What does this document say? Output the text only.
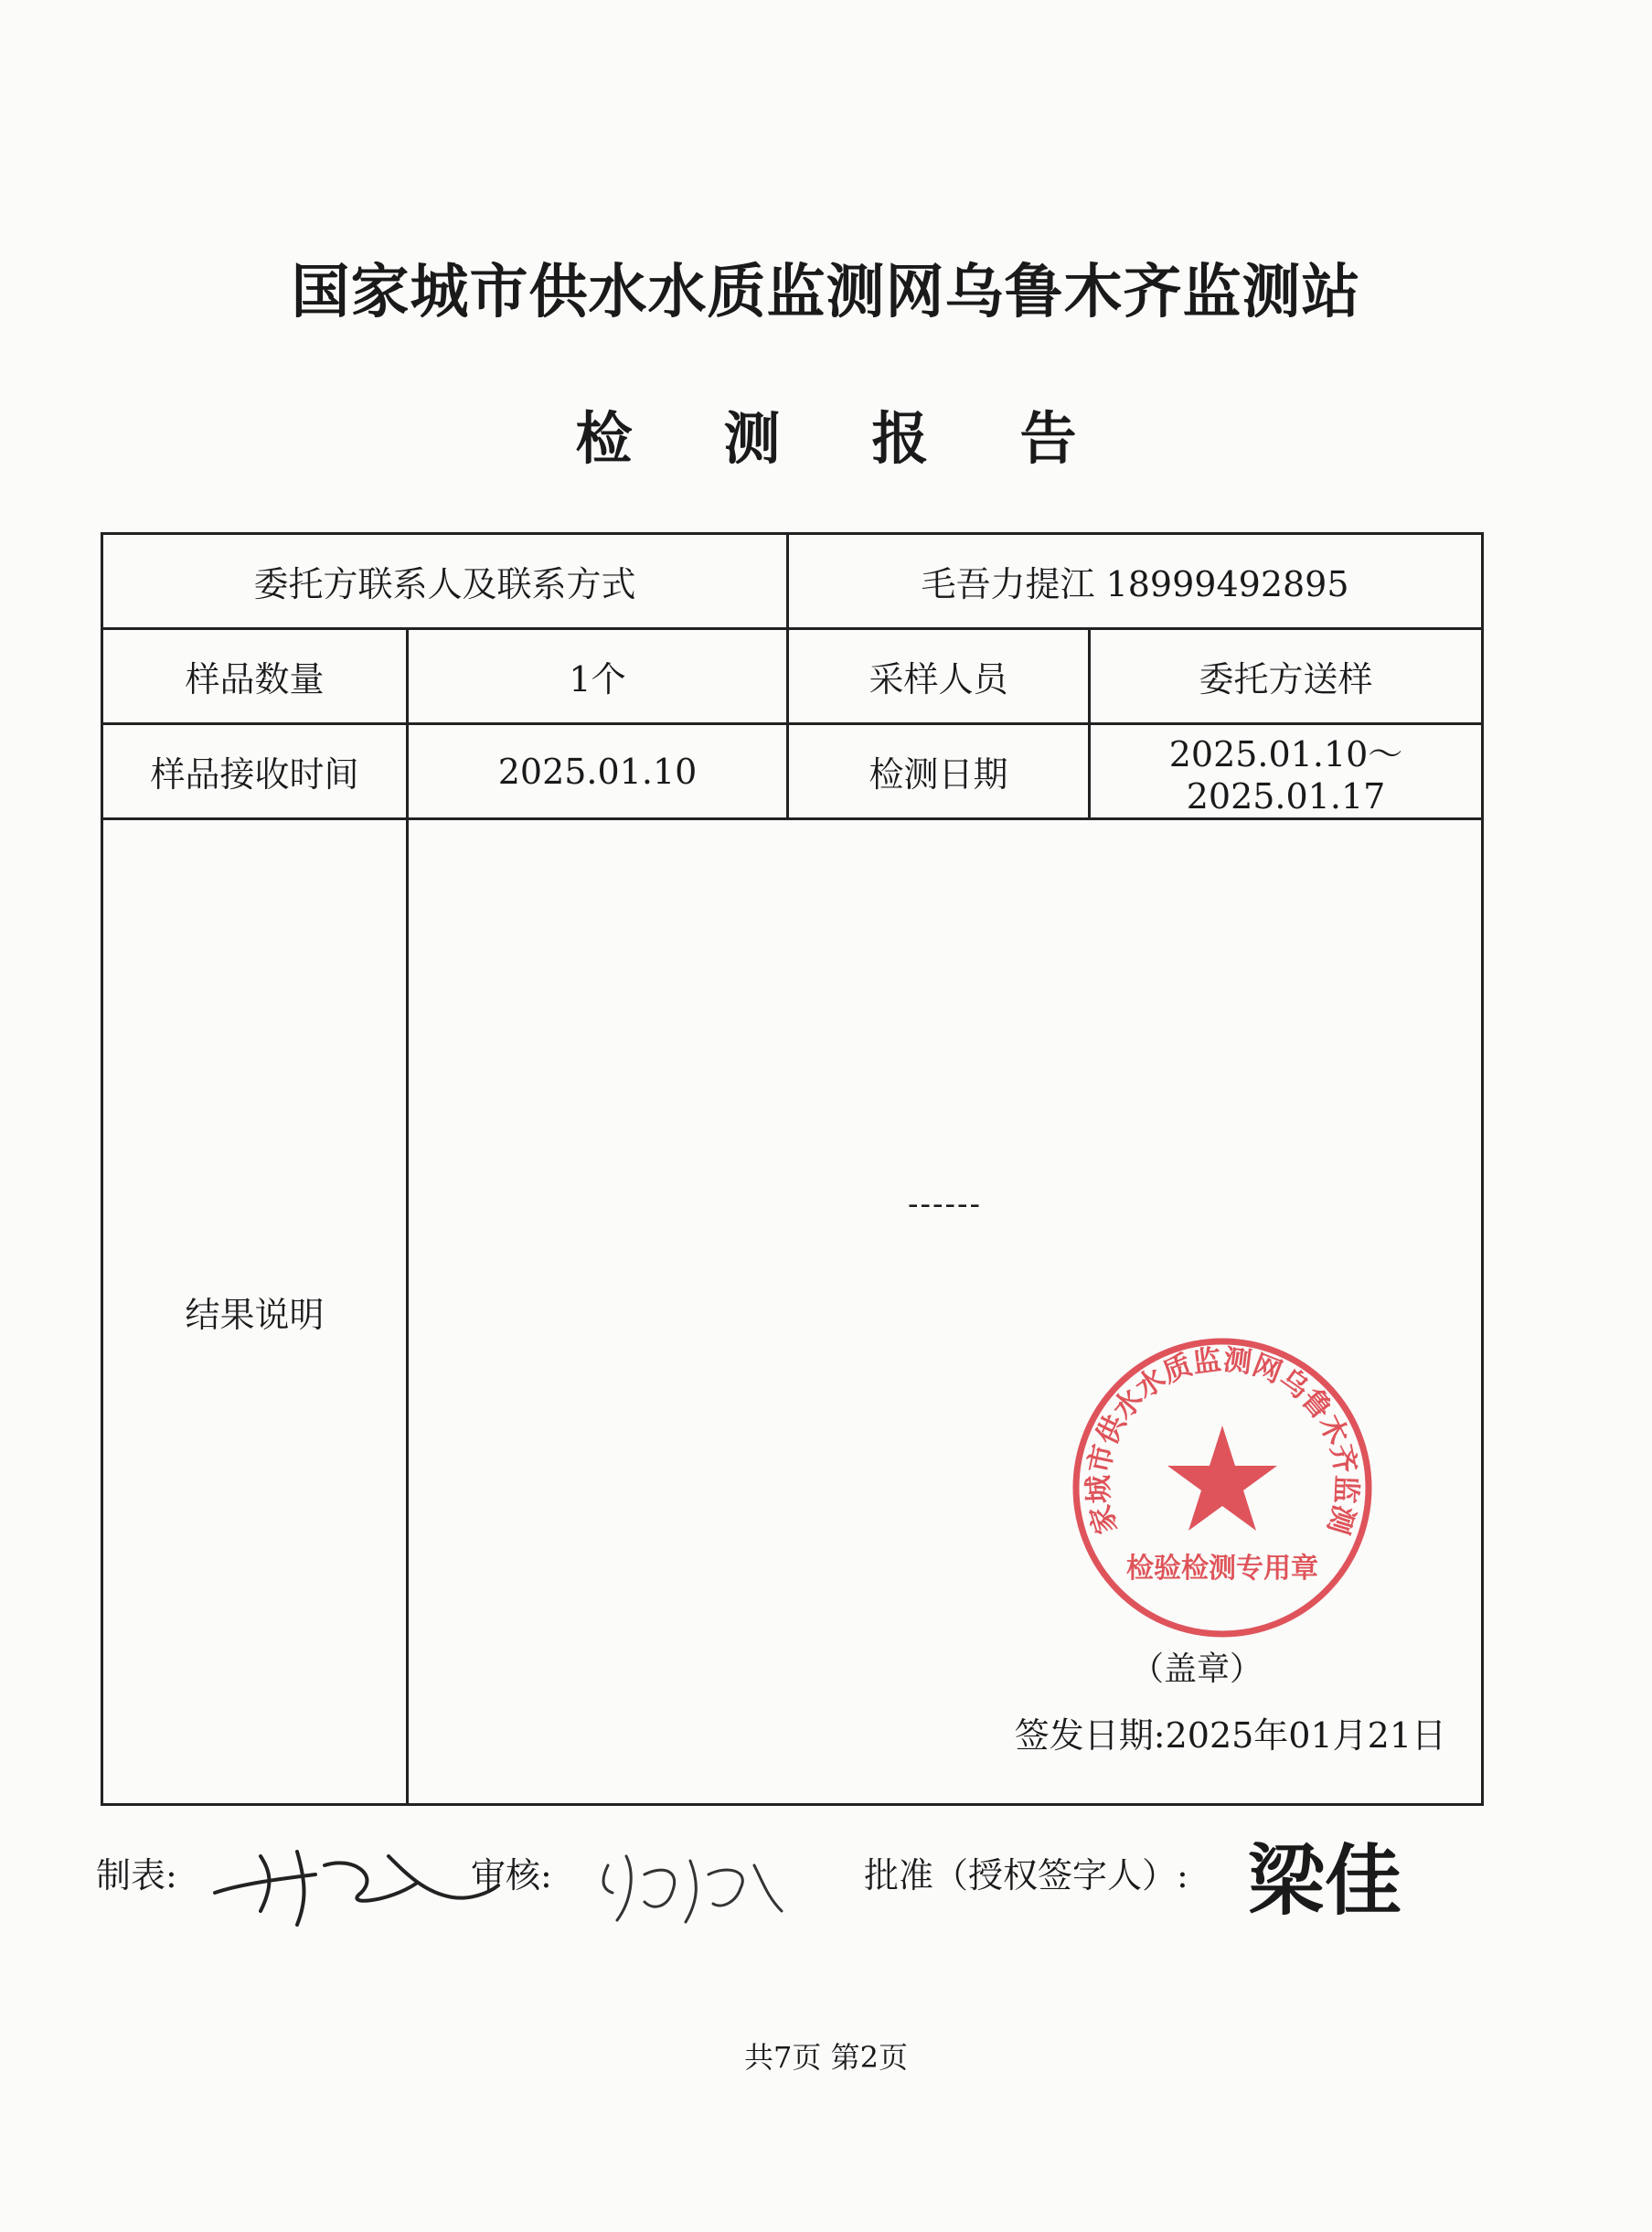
国家城市供水水质监测网乌鲁木齐监测站
检测报告
委托方联系人及联系方式		毛吾力提江 18999492895	
样品数量	1个	采样人员	委托方送样
样品接收时间	2025.01.10	检测日期	2025.01.10～2025.01.17
结果说明	------
家城市供水水质监测网乌鲁木齐监测
检验检测专用章
（盖章）
签发日期:2025年01月21日		
制表:	审核:	批准（授权签字人）: 梁佳
共7页 第2页
